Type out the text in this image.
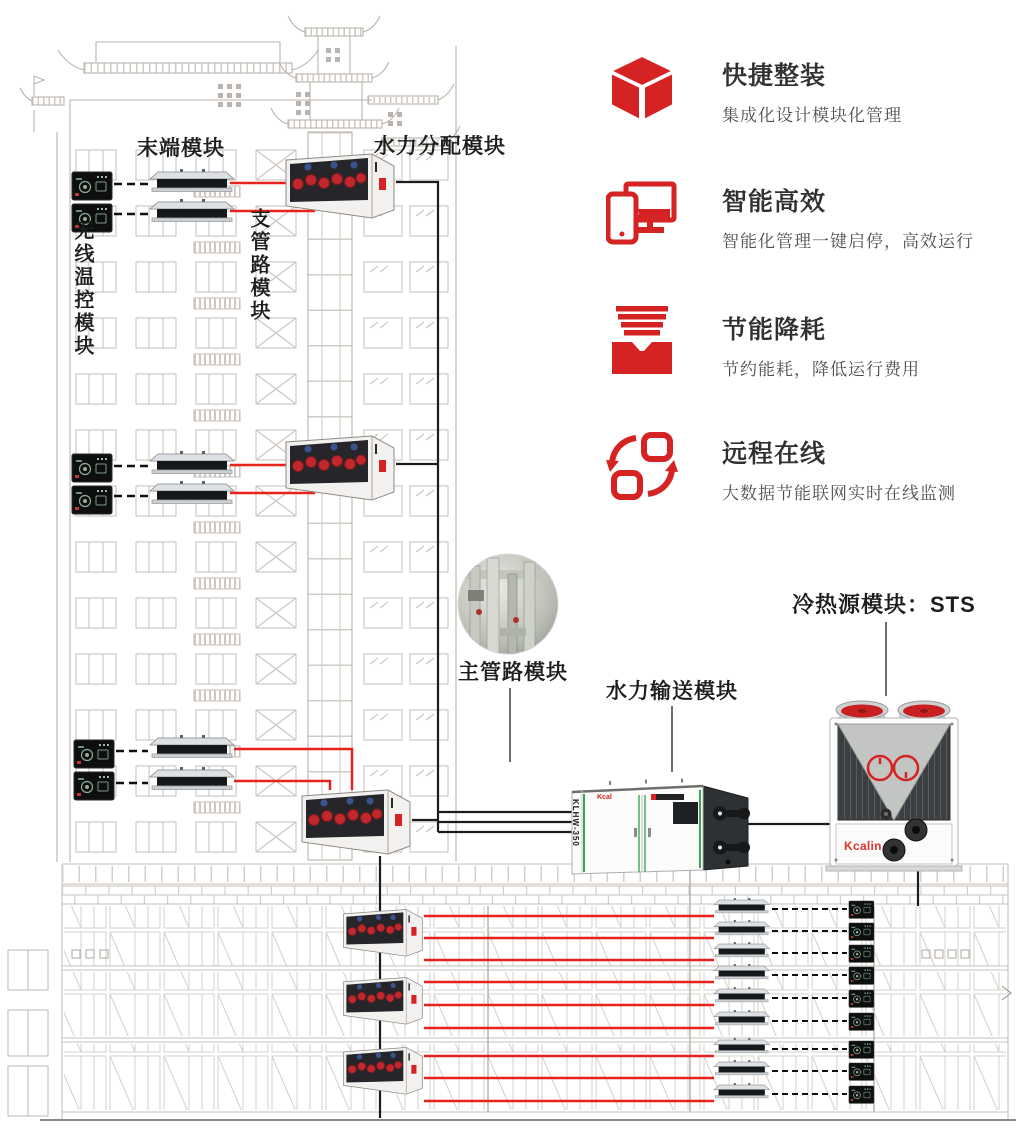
末端模块	水力分配模块
支管路模块
无线温控模块
主管路模块
水力输送模块
冷热源模块：STS
KLHW-350
Kcal
Kcalin
快捷整装
集成化设计模块化管理
智能高效
智能化管理一键启停，高效运行
节能降耗
节约能耗，降低运行费用
远程在线
大数据节能联网实时在线监测
